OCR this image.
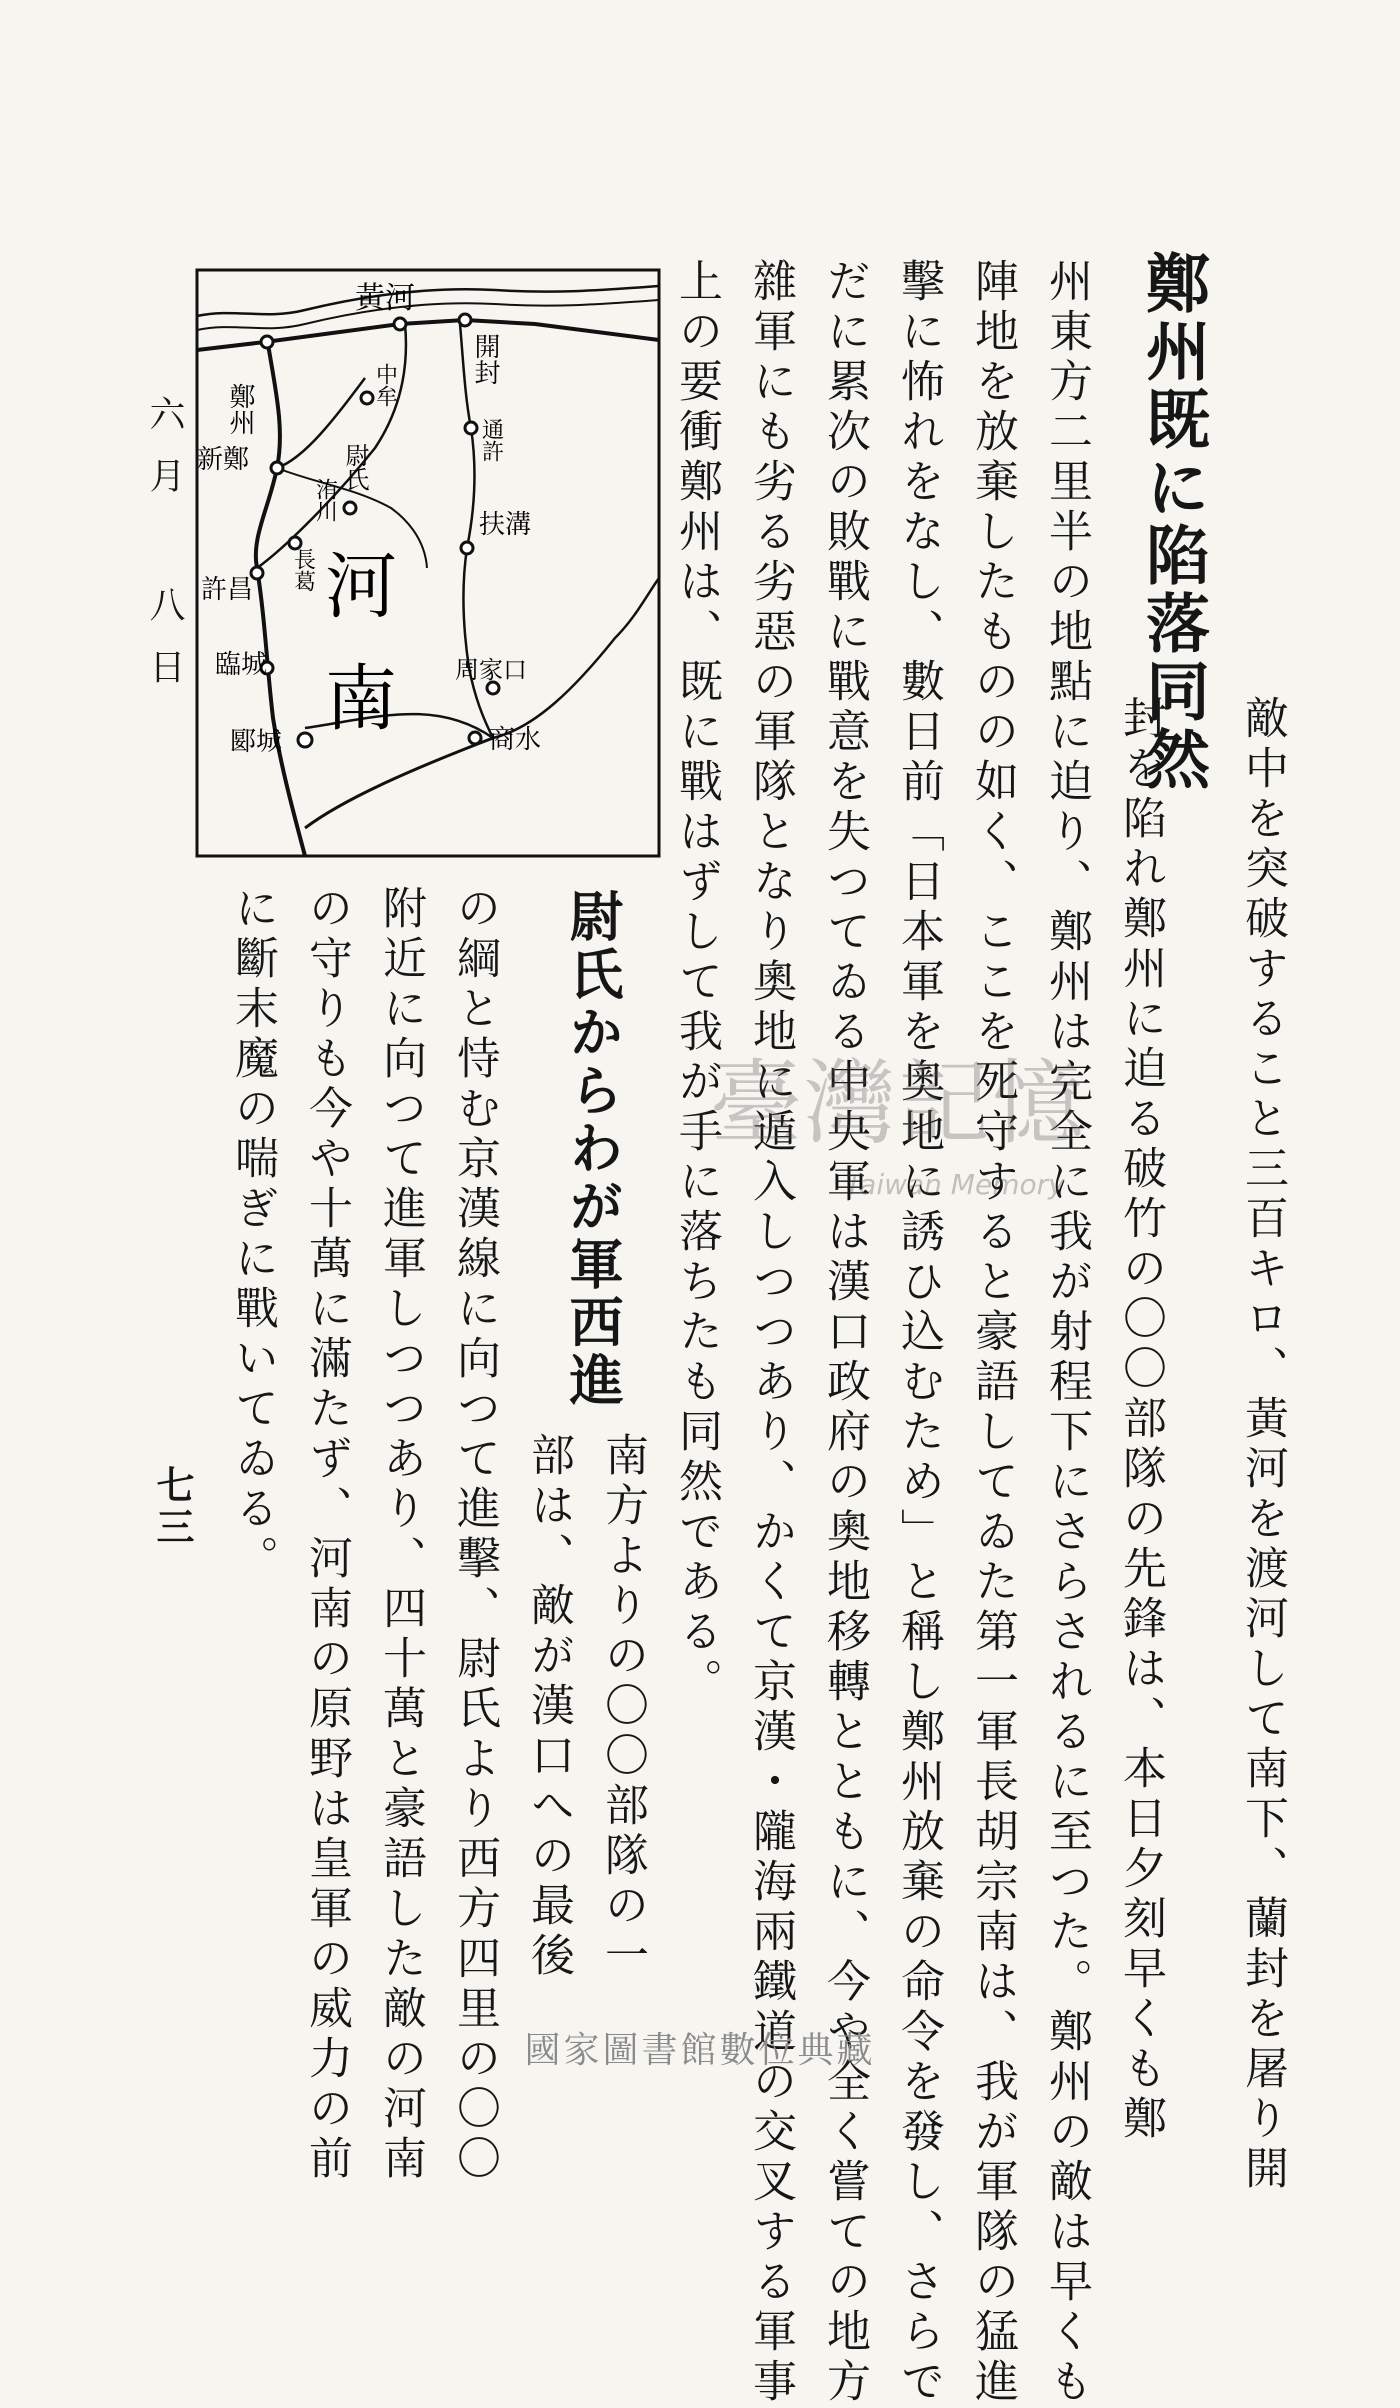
鄭州既に陷落同然
敵中を突破すること三百キロ、黃河を渡河して南下、蘭封を屠り開
封を陷れ鄭州に迫る破竹の〇〇部隊の先鋒は、本日夕刻早くも鄭
州東方二里半の地點に迫り、鄭州は完全に我が射程下にさらされるに至つた。鄭州の敵は早くも
陣地を放棄したものの如く、ここを死守すると豪語してゐた第一軍長胡宗南は、我が軍隊の猛進
擊に怖れをなし、數日前「日本軍を奧地に誘ひ込むため」と稱し鄭州放棄の命令を發し、さらで
だに累次の敗戰に戰意を失つてゐる中央軍は漢口政府の奧地移轉とともに、今や全く嘗ての地方
雜軍にも劣る劣惡の軍隊となり奧地に遁入しつつあり、かくて京漢・隴海兩鐵道の交叉する軍事
上の要衝鄭州は、既に戰はずして我が手に落ちたも同然である。
尉氏からわが軍西進
南方よりの〇〇部隊の一
部は、敵が漢口への最後
の綱と恃む京漢線に向つて進擊、尉氏より西方四里の〇〇
附近に向つて進軍しつつあり、四十萬と豪語した敵の河南
の守りも今や十萬に滿たず、河南の原野は皇軍の威力の前
に斷末魔の喘ぎに戰いてゐる。
六月 八日
七三
黃河
鄭州	中牟	開封
通許
新鄭	尉氏
洧川
扶溝
長葛
許昌
周家口
臨城
商水
郾城 河南
臺灣記憶
Taiwan Memory
國家圖書館數位典藏
